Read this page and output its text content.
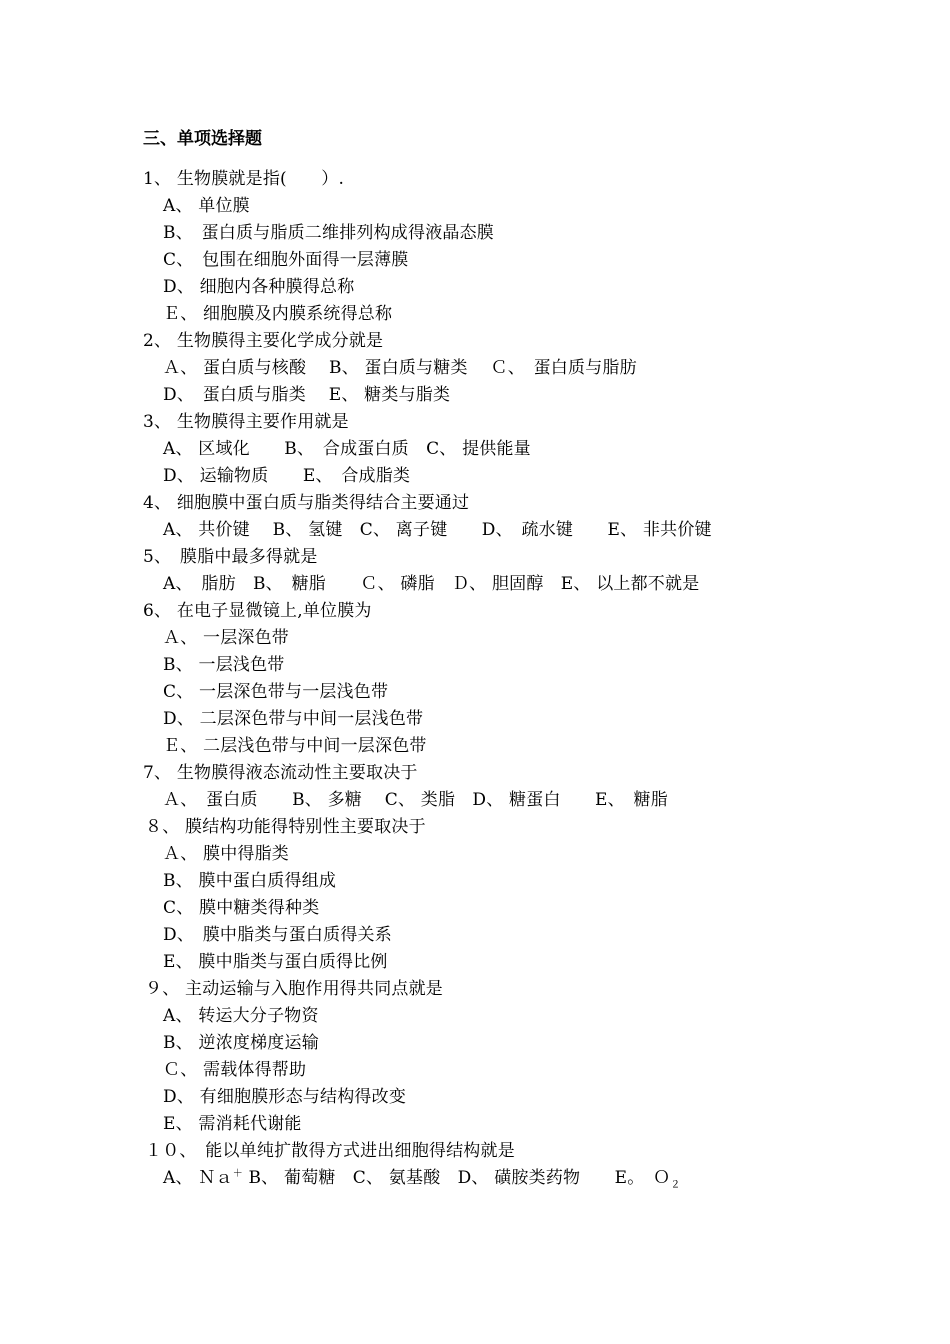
三、单项选择题
1、 生物膜就是指(　　）.
A、 单位膜
B、　蛋白质与脂质二维排列构成得液晶态膜
C、　包围在细胞外面得一层薄膜
D、 细胞内各种膜得总称
Ｅ、 细胞膜及内膜系统得总称
2、 生物膜得主要化学成分就是
Ａ、 蛋白质与核酸　 B、 蛋白质与糖类　 Ｃ、　蛋白质与脂肪
D、　蛋白质与脂类　 E、 糖类与脂类
3、 生物膜得主要作用就是
A、 区域化　　B、　合成蛋白质　C、 提供能量
D、 运输物质　　E、　合成脂类
4、 细胞膜中蛋白质与脂类得结合主要通过
A、 共价键　 B、 氢键　C、 离子键　　D、　疏水键　　E、 非共价键
5、　膜脂中最多得就是
A、　脂肪　B、　糖脂　　Ｃ、 磷脂　Ｄ、 胆固醇　E、 以上都不就是
6、 在电子显微镜上,单位膜为
Ａ、 一层深色带
B、 一层浅色带
C、 一层深色带与一层浅色带
D、 二层深色带与中间一层浅色带
Ｅ、 二层浅色带与中间一层深色带
7、 生物膜得液态流动性主要取决于
Ａ、　蛋白质　　B、 多糖　 C、 类脂　D、 糖蛋白　　E、　糖脂
８、 膜结构功能得特别性主要取决于
Ａ、 膜中得脂类
B、 膜中蛋白质得组成
C、 膜中糖类得种类
D、　膜中脂类与蛋白质得关系
E、 膜中脂类与蛋白质得比例
９、 主动运输与入胞作用得共同点就是
A、 转运大分子物资
B、 逆浓度梯度运输
Ｃ、 需载体得帮助
D、 有细胞膜形态与结构得改变
E、 需消耗代谢能
１０、　能以单纯扩散得方式进出细胞得结构就是
A、 Ｎａ＋ B、 葡萄糖　C、 氨基酸　D、 磺胺类药物　　E。　Ｏ$_2$
